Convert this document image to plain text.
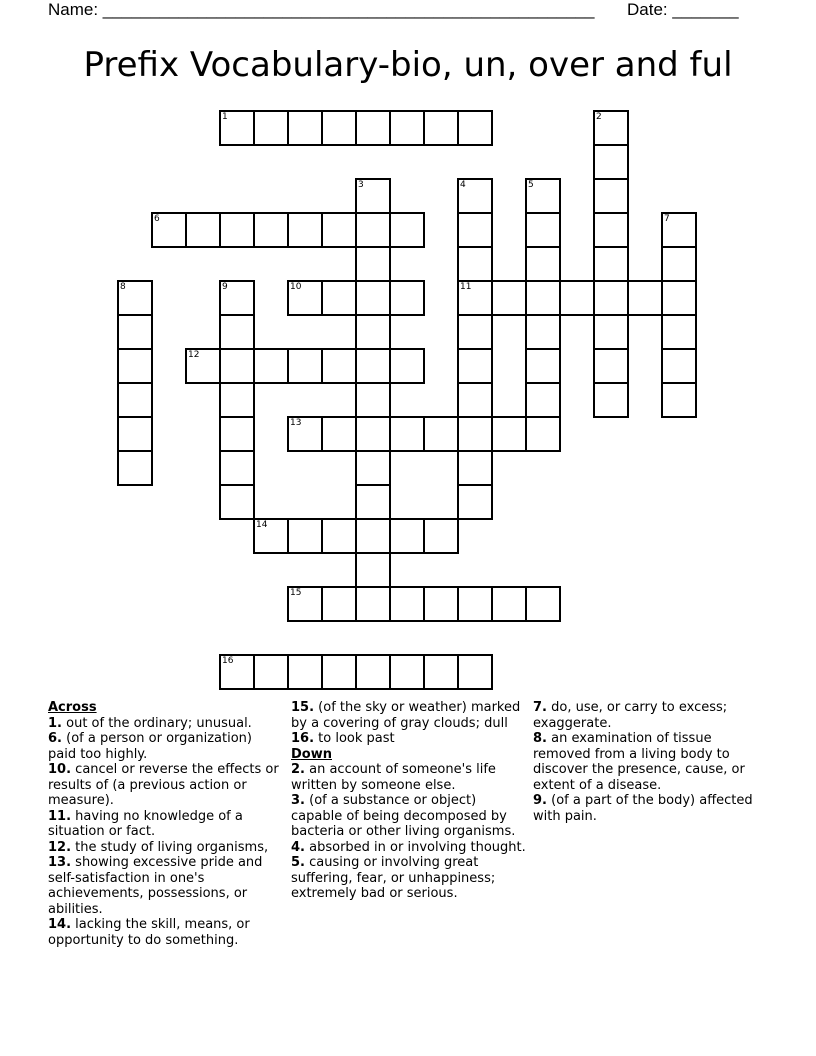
Name: ____________________________________________________ Date: _______
Prefix Vocabulary-bio, un, over and ful
1	2
3	4
11
5
6	7
8	9	10
12
13
14
15
16
Across

1. out of the ordinary; unusual.

6. (of a person or organization) paid too highly.

10. cancel or reverse the effects or results of (a previous action or measure).

11. having no knowledge of a situation or fact.

12. the study of living organisms,

13. showing excessive pride and self-satisfaction in one's achievements, possessions, or abilities.

14. lacking the skill, means, or opportunity to do something.

15. (of the sky or weather) marked by a covering of gray clouds; dull

16. to look past

Down

2. an account of someone's life written by someone else.

3. (of a substance or object) capable of being decomposed by bacteria or other living organisms.

4. absorbed in or involving thought.

5. causing or involving great suffering, fear, or unhappiness; extremely bad or serious.

7. do, use, or carry to excess; exaggerate.

8. an examination of tissue removed from a living body to discover the presence, cause, or extent of a disease.

9. (of a part of the body) affected with pain.
